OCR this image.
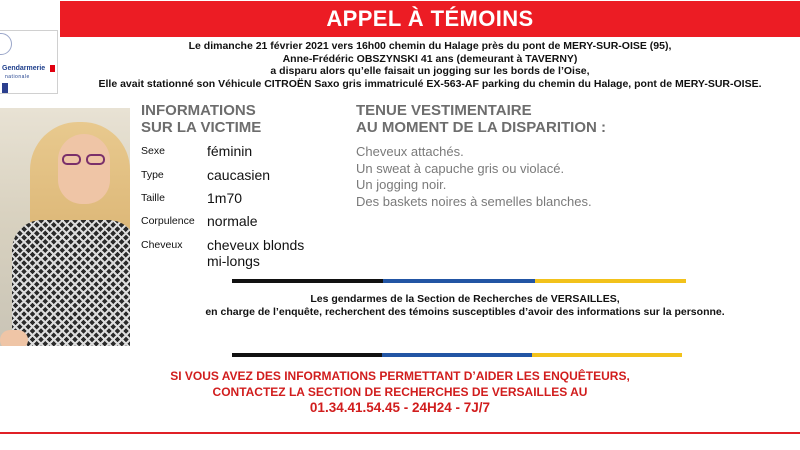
Gendarmerie
nationale
APPEL À TÉMOINS
Le dimanche 21 février 2021 vers 16h00 chemin du Halage près du pont de MERY-SUR-OISE (95),
Anne-Frédéric OBSZYNSKI 41 ans (demeurant à TAVERNY)
a disparu alors qu’elle faisait un jogging sur les bords de l’Oise,
Elle avait stationné son Véhicule CITROËN Saxo gris immatriculé EX-563-AF parking du chemin du Halage, pont de MERY-SUR-OISE.
INFORMATIONS
SUR LA VICTIME
Sexe	féminin
Type	caucasien
Taille	1m70
Corpulence normale
Cheveux cheveux blonds
mi-longs
TENUE VESTIMENTAIRE
AU MOMENT DE LA DISPARITION :
Cheveux attachés.
Un sweat à capuche gris ou violacé.
Un jogging noir.
Des baskets noires à semelles blanches.
Les gendarmes de la Section de Recherches de VERSAILLES,
en charge de l’enquête, recherchent des témoins susceptibles d’avoir des informations sur la personne.
SI VOUS AVEZ DES INFORMATIONS PERMETTANT D’AIDER LES ENQUÊTEURS,
CONTACTEZ LA SECTION DE RECHERCHES DE VERSAILLES AU
01.34.41.54.45 - 24H24 - 7J/7
